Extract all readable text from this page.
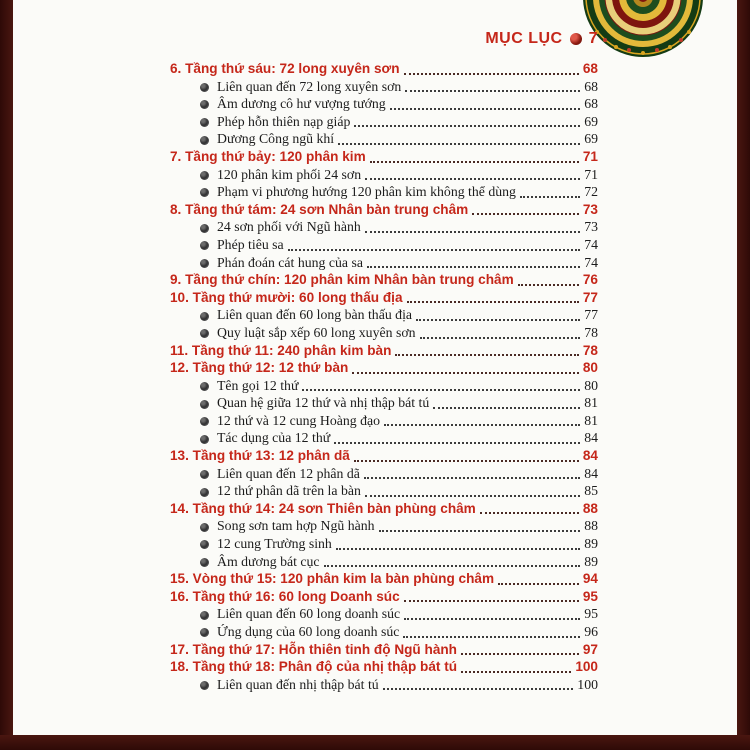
MỤC LỤC 7
6. Tầng thứ sáu: 72 long xuyên sơn	68
Liên quan đến 72 long xuyên sơn	68
Âm dương cô hư vượng tướng	68
Phép hỗn thiên nạp giáp	69
Dương Công ngũ khí	69
7. Tầng thứ bảy: 120 phân kim	71
120 phân kim phối 24 sơn	71
Phạm vi phương hướng 120 phân kim không thể dùng	72
8. Tầng thứ tám: 24 sơn Nhân bàn trung châm	73
24 sơn phối với Ngũ hành	73
Phép tiêu sa	74
Phán đoán cát hung của sa	74
9. Tầng thứ chín: 120 phân kim Nhân bàn trung châm	76
10. Tầng thứ mười: 60 long thấu địa	77
Liên quan đến 60 long bàn thấu địa	77
Quy luật sắp xếp 60 long xuyên sơn	78
11. Tầng thứ 11: 240 phân kim bàn	78
12. Tầng thứ 12: 12 thứ bàn	80
Tên gọi 12 thứ	80
Quan hệ giữa 12 thứ và nhị thập bát tú	81
12 thứ và 12 cung Hoàng đạo	81
Tác dụng của 12 thứ	84
13. Tầng thứ 13: 12 phân dã	84
Liên quan đến 12 phân dã	84
12 thứ phân dã trên la bàn	85
14. Tầng thứ 14: 24 sơn Thiên bàn phùng châm	88
Song sơn tam hợp Ngũ hành	88
12 cung Trường sinh	89
Âm dương bát cục	89
15. Vòng thứ 15: 120 phân kim la bàn phùng châm	94
16. Tầng thứ 16: 60 long Doanh súc	95
Liên quan đến 60 long doanh súc	95
Ứng dụng của 60 long doanh súc	96
17. Tầng thứ 17: Hỗn thiên tinh độ Ngũ hành	97
18. Tầng thứ 18: Phân độ của nhị thập bát tú	100
Liên quan đến nhị thập bát tú	100
